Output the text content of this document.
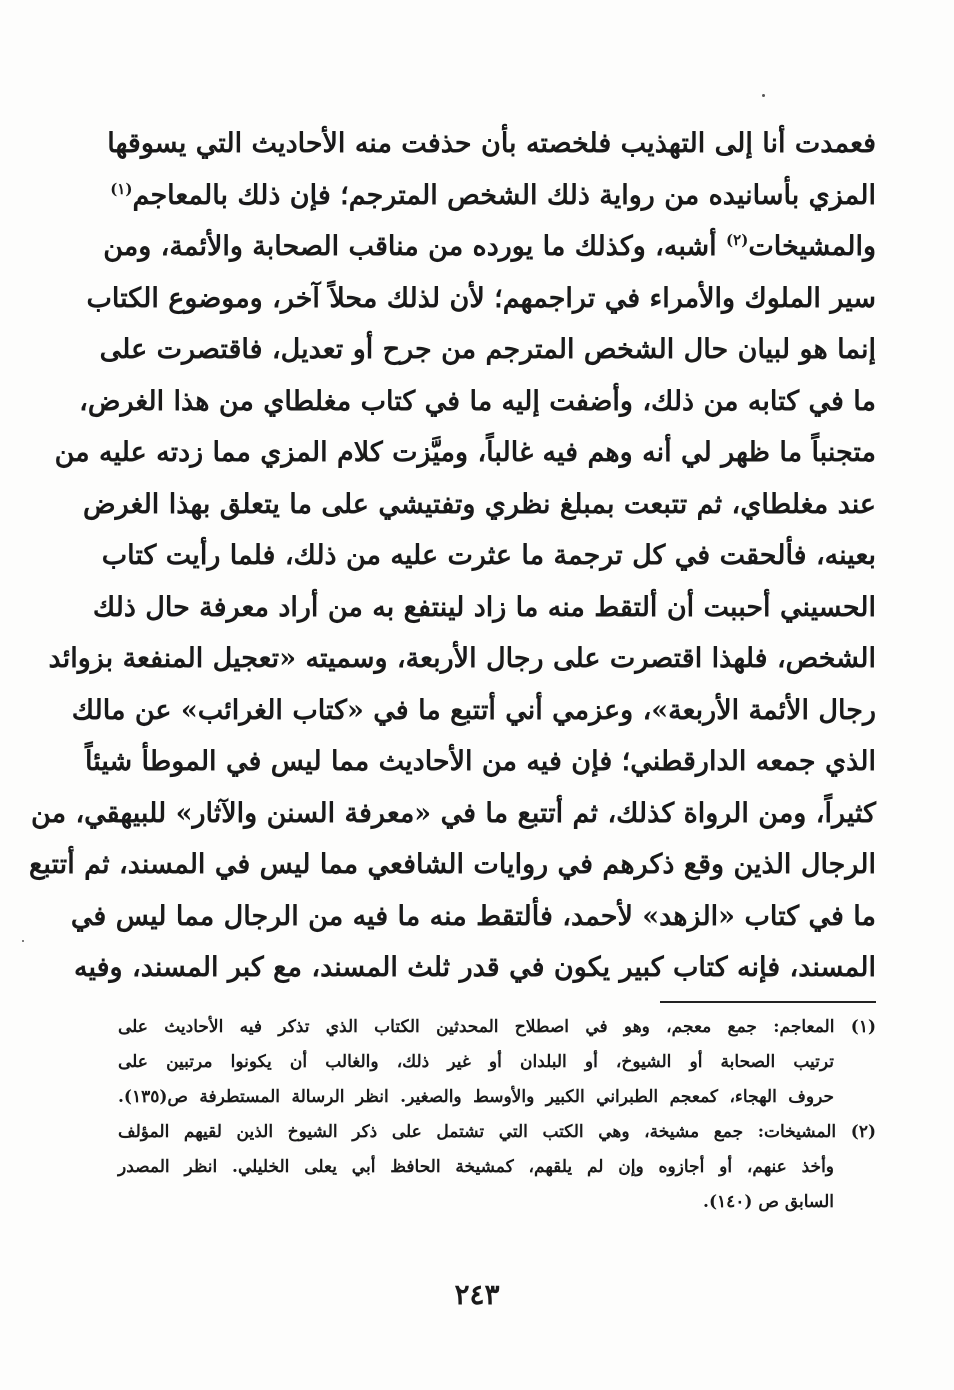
فعمدت أنا إلى التهذيب فلخصته بأن حذفت منه الأحاديث التي يسوقها
المزي بأسانيده من رواية ذلك الشخص المترجم؛ فإن ذلك بالمعاجم$^{(١)}$
والمشيخات$^{(٢)}$ أشبه، وكذلك ما يورده من مناقب الصحابة والأئمة، ومن
سير الملوك والأمراء في تراجمهم؛ لأن لذلك محلاً آخر، وموضوع الكتاب
إنما هو لبيان حال الشخص المترجم من جرح أو تعديل، فاقتصرت على
ما في كتابه من ذلك، وأضفت إليه ما في كتاب مغلطاي من هذا الغرض،
متجنباً ما ظهر لي أنه وهم فيه غالباً، وميَّزت كلام المزي مما زدته عليه من
عند مغلطاي، ثم تتبعت بمبلغ نظري وتفتيشي على ما يتعلق بهذا الغرض
بعينه، فألحقت في كل ترجمة ما عثرت عليه من ذلك، فلما رأيت كتاب
الحسيني أحببت أن ألتقط منه ما زاد لينتفع به من أراد معرفة حال ذلك
الشخص، فلهذا اقتصرت على رجال الأربعة، وسميته «تعجيل المنفعة بزوائد
رجال الأئمة الأربعة»، وعزمي أني أتتبع ما في «كتاب الغرائب» عن مالك
الذي جمعه الدارقطني؛ فإن فيه من الأحاديث مما ليس في الموطأ شيئاً
كثيراً، ومن الرواة كذلك، ثم أتتبع ما في «معرفة السنن والآثار» للبيهقي، من
الرجال الذين وقع ذكرهم في روايات الشافعي مما ليس في المسند، ثم أتتبع
ما في كتاب «الزهد» لأحمد، فألتقط منه ما فيه من الرجال مما ليس في
المسند، فإنه كتاب كبير يكون في قدر ثلث المسند، مع كبر المسند، وفيه
(١) المعاجم: جمع معجم، وهو في اصطلاح المحدثين الكتاب الذي تذكر فيه الأحاديث على
ترتيب الصحابة أو الشيوخ، أو البلدان أو غير ذلك، والغالب أن يكونوا مرتبين على
حروف الهجاء، كمعجم الطبراني الكبير والأوسط والصغير. انظر الرسالة المستطرفة ص(١٣٥).
(٢) المشيخات: جمع مشيخة، وهي الكتب التي تشتمل على ذكر الشيوخ الذين لقيهم المؤلف
وأخذ عنهم، أو أجازوه وإن لم يلقهم، كمشيخة الحافظ أبي يعلى الخليلي. انظر المصدر
السابق ص (١٤٠).
٢٤٣
